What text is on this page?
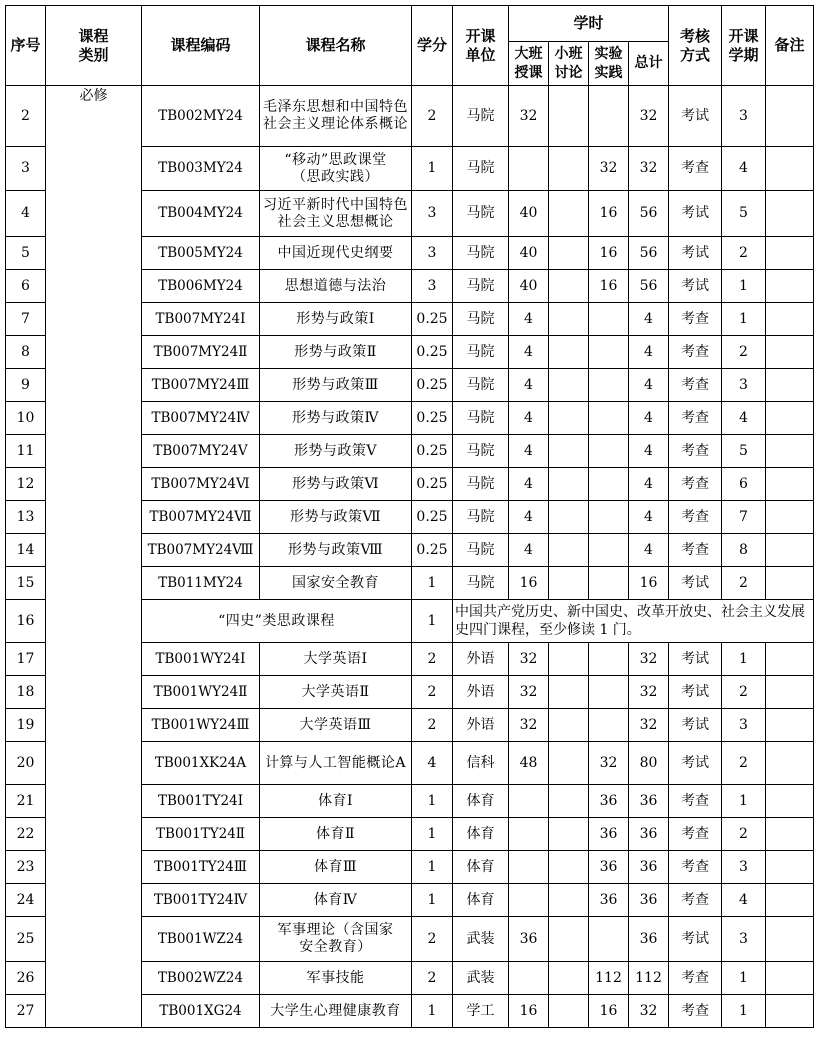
序号	课程类别	课程编码	课程名称	学分	开课单位	学时				考核方式	开课学期	备注

						大班授课	小班讨论	实验实践	总计			
2	必修	TB002MY24	毛泽东思想和中国特色社会主义理论体系概论	2	马院	32			32	考试	3	
3		TB003MY24	“移动”思政课堂（思政实践）	1	马院			32	32	考查	4	
4		TB004MY24	习近平新时代中国特色社会主义思想概论	3	马院	40		16	56	考试	5	
5		TB005MY24	中国近现代史纲要	3	马院	40		16	56	考试	2	
6		TB006MY24	思想道德与法治	3	马院	40		16	56	考试	1	
7		TB007MY24Ⅰ	形势与政策Ⅰ	0.25	马院	4			4	考查	1	
8		TB007MY24Ⅱ	形势与政策Ⅱ	0.25	马院	4			4	考查	2	
9		TB007MY24Ⅲ	形势与政策Ⅲ	0.25	马院	4			4	考查	3	
10		TB007MY24Ⅳ	形势与政策Ⅳ	0.25	马院	4			4	考查	4	
11		TB007MY24Ⅴ	形势与政策Ⅴ	0.25	马院	4			4	考查	5	
12		TB007MY24Ⅵ	形势与政策Ⅵ	0.25	马院	4			4	考查	6	
13		TB007MY24Ⅶ	形势与政策Ⅶ	0.25	马院	4			4	考查	7	
14		TB007MY24Ⅷ	形势与政策Ⅷ	0.25	马院	4			4	考查	8	
15		TB011MY24	国家安全教育	1	马院	16			16	考试	2	
16		“四史”类思政课程		1	中国共产党历史、新中国史、改革开放史、社会主义发展史四门课程，至少修读 1 门。							
17		TB001WY24Ⅰ	大学英语Ⅰ	2	外语	32			32	考试	1	
18		TB001WY24Ⅱ	大学英语Ⅱ	2	外语	32			32	考试	2	
19		TB001WY24Ⅲ	大学英语Ⅲ	2	外语	32			32	考试	3	
20		TB001XK24A	计算与人工智能概论A	4	信科	48		32	80	考试	2	
21		TB001TY24Ⅰ	体育Ⅰ	1	体育			36	36	考查	1	
22		TB001TY24Ⅱ	体育Ⅱ	1	体育			36	36	考查	2	
23		TB001TY24Ⅲ	体育Ⅲ	1	体育			36	36	考查	3	
24		TB001TY24Ⅳ	体育Ⅳ	1	体育			36	36	考查	4	
25		TB001WZ24	军事理论（含国家安全教育）	2	武装	36			36	考试	3	
26		TB002WZ24	军事技能	2	武装			112	112	考查	1	
27		TB001XG24	大学生心理健康教育	1	学工	16		16	32	考查	1	
